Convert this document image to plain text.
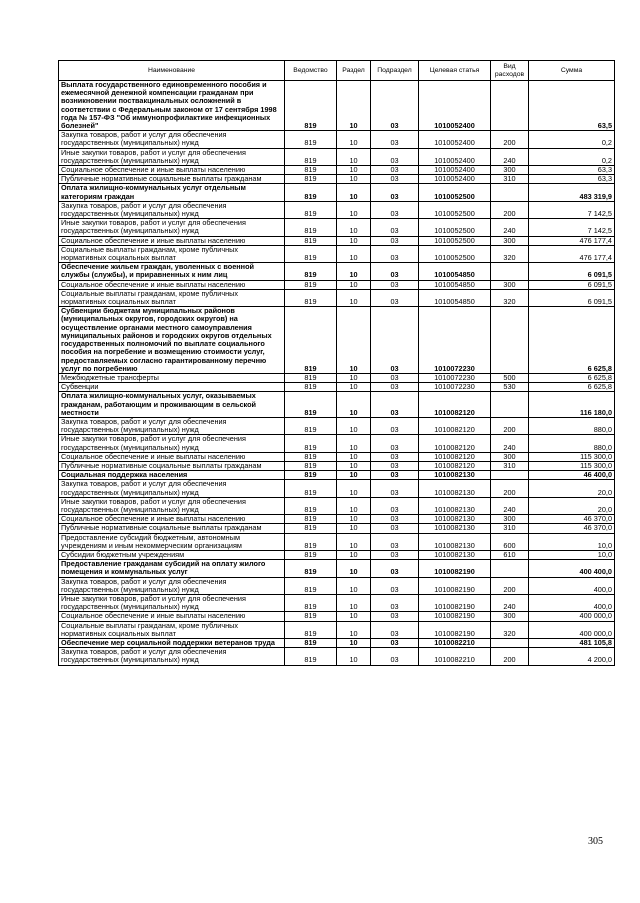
Наименование	Ведомство	Раздел	Подраздел	Целевая статья	Вид расходов	Сумма
Выплата государственного единовременного пособия и ежемесячной денежной компенсации гражданам при возникновении поствакцинальных осложнений в соответствии с Федеральным законом от 17 сентября 1998 года № 157-ФЗ "Об иммунопрофилактике инфекционных болезней"	819	10	03	1010052400		63,5
Закупка товаров, работ и услуг для обеспечения государственных (муниципальных) нужд	819	10	03	1010052400	200	0,2
Иные закупки товаров, работ и услуг для обеспечения государственных (муниципальных) нужд	819	10	03	1010052400	240	0,2
Социальное обеспечение и иные выплаты населению	819	10	03	1010052400	300	63,3
Публичные нормативные социальные выплаты гражданам	819	10	03	1010052400	310	63,3
Оплата жилищно-коммунальных услуг отдельным категориям граждан	819	10	03	1010052500		483 319,9
Закупка товаров, работ и услуг для обеспечения государственных (муниципальных) нужд	819	10	03	1010052500	200	7 142,5
Иные закупки товаров, работ и услуг для обеспечения государственных (муниципальных) нужд	819	10	03	1010052500	240	7 142,5
Социальное обеспечение и иные выплаты населению	819	10	03	1010052500	300	476 177,4
Социальные выплаты гражданам, кроме публичных нормативных социальных выплат	819	10	03	1010052500	320	476 177,4
Обеспечение жильем граждан, уволенных с военной службы (службы), и приравненных к ним лиц	819	10	03	1010054850		6 091,5
Социальное обеспечение и иные выплаты населению	819	10	03	1010054850	300	6 091,5
Социальные выплаты гражданам, кроме публичных нормативных социальных выплат	819	10	03	1010054850	320	6 091,5
Субвенции бюджетам муниципальных районов (муниципальных округов, городских округов) на осуществление органами местного самоуправления муниципальных районов и городских округов отдельных государственных полномочий по выплате социального пособия на погребение и возмещению стоимости услуг, предоставляемых согласно гарантированному перечню услуг по погребению	819	10	03	1010072230		6 625,8
Межбюджетные трансферты	819	10	03	1010072230	500	6 625,8
Субвенции	819	10	03	1010072230	530	6 625,8
Оплата жилищно-коммунальных услуг, оказываемых гражданам, работающим и проживающим в сельской местности	819	10	03	1010082120		116 180,0
Закупка товаров, работ и услуг для обеспечения государственных (муниципальных) нужд	819	10	03	1010082120	200	880,0
Иные закупки товаров, работ и услуг для обеспечения государственных (муниципальных) нужд	819	10	03	1010082120	240	880,0
Социальное обеспечение и иные выплаты населению	819	10	03	1010082120	300	115 300,0
Публичные нормативные социальные выплаты гражданам	819	10	03	1010082120	310	115 300,0
Социальная поддержка населения	819	10	03	1010082130		46 400,0
Закупка товаров, работ и услуг для обеспечения государственных (муниципальных) нужд	819	10	03	1010082130	200	20,0
Иные закупки товаров, работ и услуг для обеспечения государственных (муниципальных) нужд	819	10	03	1010082130	240	20,0
Социальное обеспечение и иные выплаты населению	819	10	03	1010082130	300	46 370,0
Публичные нормативные социальные выплаты гражданам	819	10	03	1010082130	310	46 370,0
Предоставление субсидий бюджетным, автономным учреждениям и иным некоммерческим организациям	819	10	03	1010082130	600	10,0
Субсидии бюджетным учреждениям	819	10	03	1010082130	610	10,0
Предоставление гражданам субсидий на оплату жилого помещения и коммунальных услуг	819	10	03	1010082190		400 400,0
Закупка товаров, работ и услуг для обеспечения государственных (муниципальных) нужд	819	10	03	1010082190	200	400,0
Иные закупки товаров, работ и услуг для обеспечения государственных (муниципальных) нужд	819	10	03	1010082190	240	400,0
Социальное обеспечение и иные выплаты населению	819	10	03	1010082190	300	400 000,0
Социальные выплаты гражданам, кроме публичных нормативных социальных выплат	819	10	03	1010082190	320	400 000,0
Обеспечение мер социальной поддержки ветеранов труда	819	10	03	1010082210		481 105,8
Закупка товаров, работ и услуг для обеспечения государственных (муниципальных) нужд	819	10	03	1010082210	200	4 200,0
305
